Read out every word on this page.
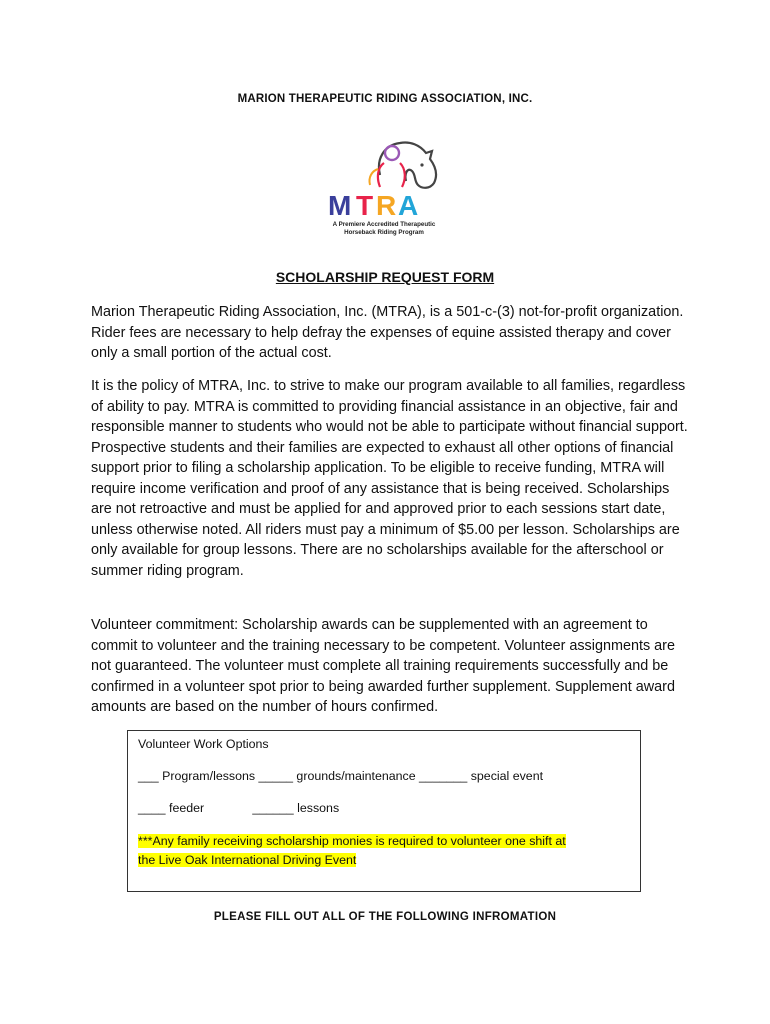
MARION THERAPEUTIC RIDING ASSOCIATION, INC.
M T R A
A Premiere Accredited Therapeutic
Horseback Riding Program
SCHOLARSHIP REQUEST FORM

Marion Therapeutic Riding Association, Inc. (MTRA), is a 501-c-(3) not-for-profit organization. Rider fees are necessary to help defray the expenses of equine assisted therapy and cover only a small portion of the actual cost.

It is the policy of MTRA, Inc. to strive to make our program available to all families, regardless of ability to pay. MTRA is committed to providing financial assistance in an objective, fair and responsible manner to students who would not be able to participate without financial support. Prospective students and their families are expected to exhaust all other options of financial support prior to filing a scholarship application. To be eligible to receive funding, MTRA will require income verification and proof of any assistance that is being received. Scholarships are not retroactive and must be applied for and approved prior to each sessions start date, unless otherwise noted. All riders must pay a minimum of $5.00 per lesson. Scholarships are only available for group lessons. There are no scholarships available for the afterschool or summer riding program.

Volunteer commitment: Scholarship awards can be supplemented with an agreement to commit to volunteer and the training necessary to be competent. Volunteer assignments are not guaranteed. The volunteer must complete all training requirements successfully and be confirmed in a volunteer spot prior to being awarded further supplement. Supplement award amounts are based on the number of hours confirmed.

Volunteer Work Options
___ Program/lessons _____ grounds/maintenance _______ special event
____ feeder              ______ lessons
***Any family receiving scholarship monies is required to volunteer one shift at
the Live Oak International Driving Event
PLEASE FILL OUT ALL OF THE FOLLOWING INFROMATION
